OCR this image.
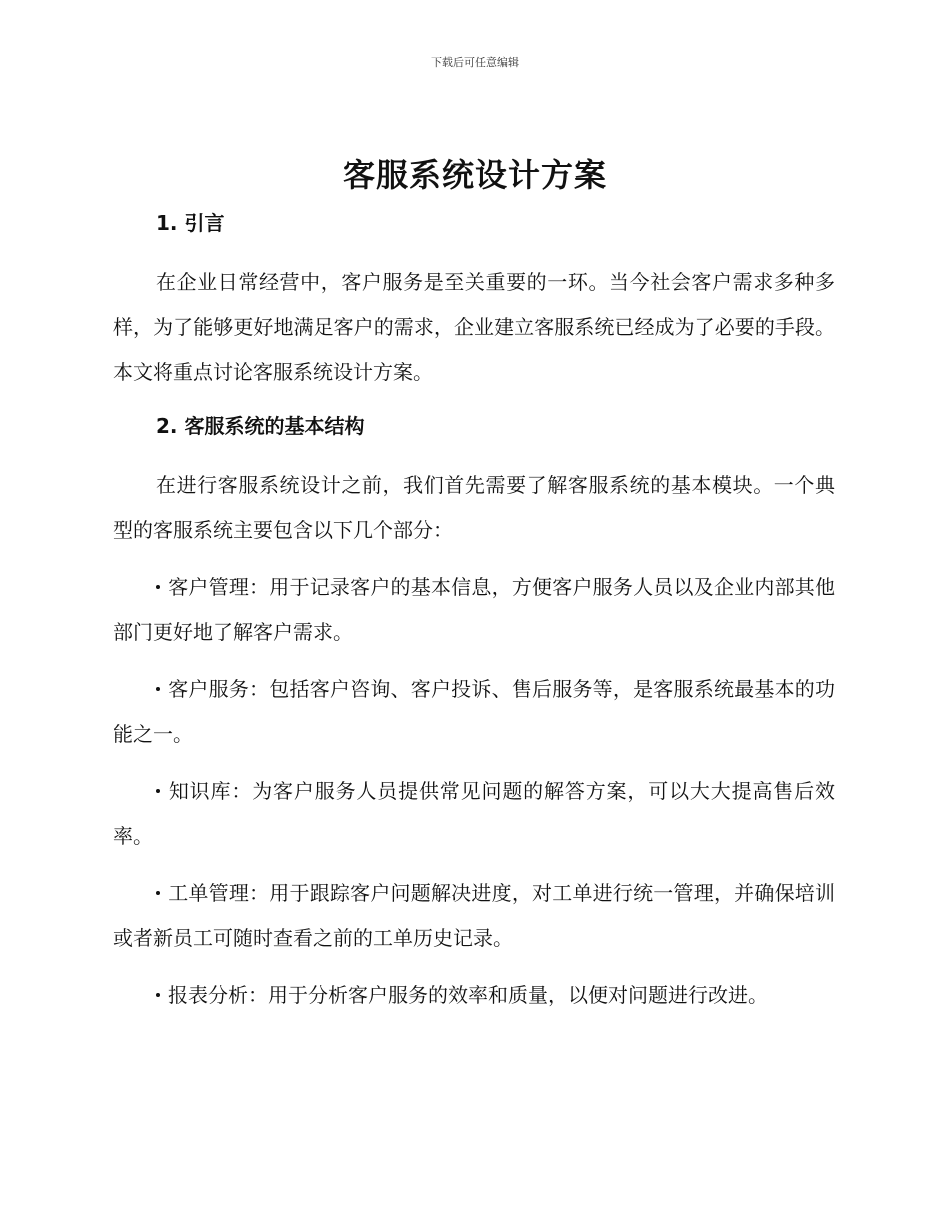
下载后可任意编辑
客服系统设计方案
1. 引言

在企业日常经营中，客户服务是至关重要的一环。当今社会客户需求多种多样，为了能够更好地满足客户的需求，企业建立客服系统已经成为了必要的手段。本文将重点讨论客服系统设计方案。

2. 客服系统的基本结构

在进行客服系统设计之前，我们首先需要了解客服系统的基本模块。一个典型的客服系统主要包含以下几个部分：

客户管理：用于记录客户的基本信息，方便客户服务人员以及企业内部其他部门更好地了解客户需求。

客户服务：包括客户咨询、客户投诉、售后服务等，是客服系统最基本的功能之一。

知识库：为客户服务人员提供常见问题的解答方案，可以大大提高售后效率。

工单管理：用于跟踪客户问题解决进度，对工单进行统一管理，并确保培训或者新员工可随时查看之前的工单历史记录。

报表分析：用于分析客户服务的效率和质量，以便对问题进行改进。
